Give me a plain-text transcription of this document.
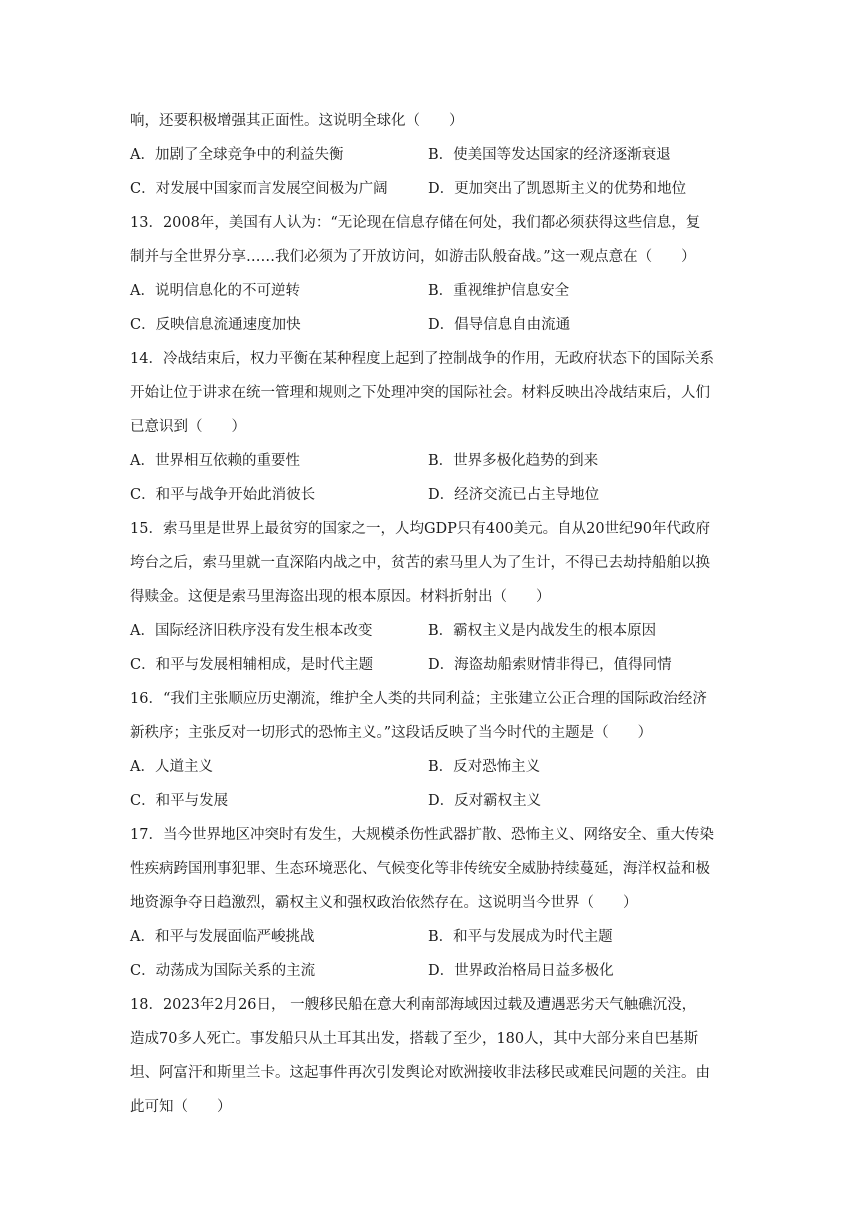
响，还要积极增强其正面性。这说明全球化（　　）
A．加剧了全球竞争中的利益失衡	B．使美国等发达国家的经济逐渐衰退
C．对发展中国家而言发展空间极为广阔	D．更加突出了凯恩斯主义的优势和地位
13．2008年，美国有人认为：“无论现在信息存储在何处，我们都必须获得这些信息，复
制并与全世界分享……我们必须为了开放访问，如游击队般奋战。”这一观点意在（　　）
A．说明信息化的不可逆转	B．重视维护信息安全
C．反映信息流通速度加快	D．倡导信息自由流通
14．冷战结束后，权力平衡在某种程度上起到了控制战争的作用，无政府状态下的国际关系
开始让位于讲求在统一管理和规则之下处理冲突的国际社会。材料反映出冷战结束后，人们
已意识到（　　）
A．世界相互依赖的重要性	B．世界多极化趋势的到来
C．和平与战争开始此消彼长	D．经济交流已占主导地位
15．索马里是世界上最贫穷的国家之一，人均GDP只有400美元。自从20世纪90年代政府
垮台之后，索马里就一直深陷内战之中，贫苦的索马里人为了生计，不得已去劫持船舶以换
得赎金。这便是索马里海盗出现的根本原因。材料折射出（　　）
A．国际经济旧秩序没有发生根本改变	B．霸权主义是内战发生的根本原因
C．和平与发展相辅相成，是时代主题	D．海盗劫船索财情非得已，值得同情
16．“我们主张顺应历史潮流，维护全人类的共同利益；主张建立公正合理的国际政治经济
新秩序；主张反对一切形式的恐怖主义。”这段话反映了当今时代的主题是（　　）
A．人道主义	B．反对恐怖主义
C．和平与发展	D．反对霸权主义
17．当今世界地区冲突时有发生，大规模杀伤性武器扩散、恐怖主义、网络安全、重大传染
性疾病跨国刑事犯罪、生态环境恶化、气候变化等非传统安全威胁持续蔓延，海洋权益和极
地资源争夺日趋激烈，霸权主义和强权政治依然存在。这说明当今世界（　　）
A．和平与发展面临严峻挑战	B．和平与发展成为时代主题
C．动荡成为国际关系的主流	D．世界政治格局日益多极化
18．2023年2月26日， 一艘移民船在意大利南部海域因过载及遭遇恶劣天气触礁沉没，
造成70多人死亡。事发船只从土耳其出发，搭载了至少，180人，其中大部分来自巴基斯
坦、阿富汗和斯里兰卡。这起事件再次引发舆论对欧洲接收非法移民或难民问题的关注。由
此可知（　　）
